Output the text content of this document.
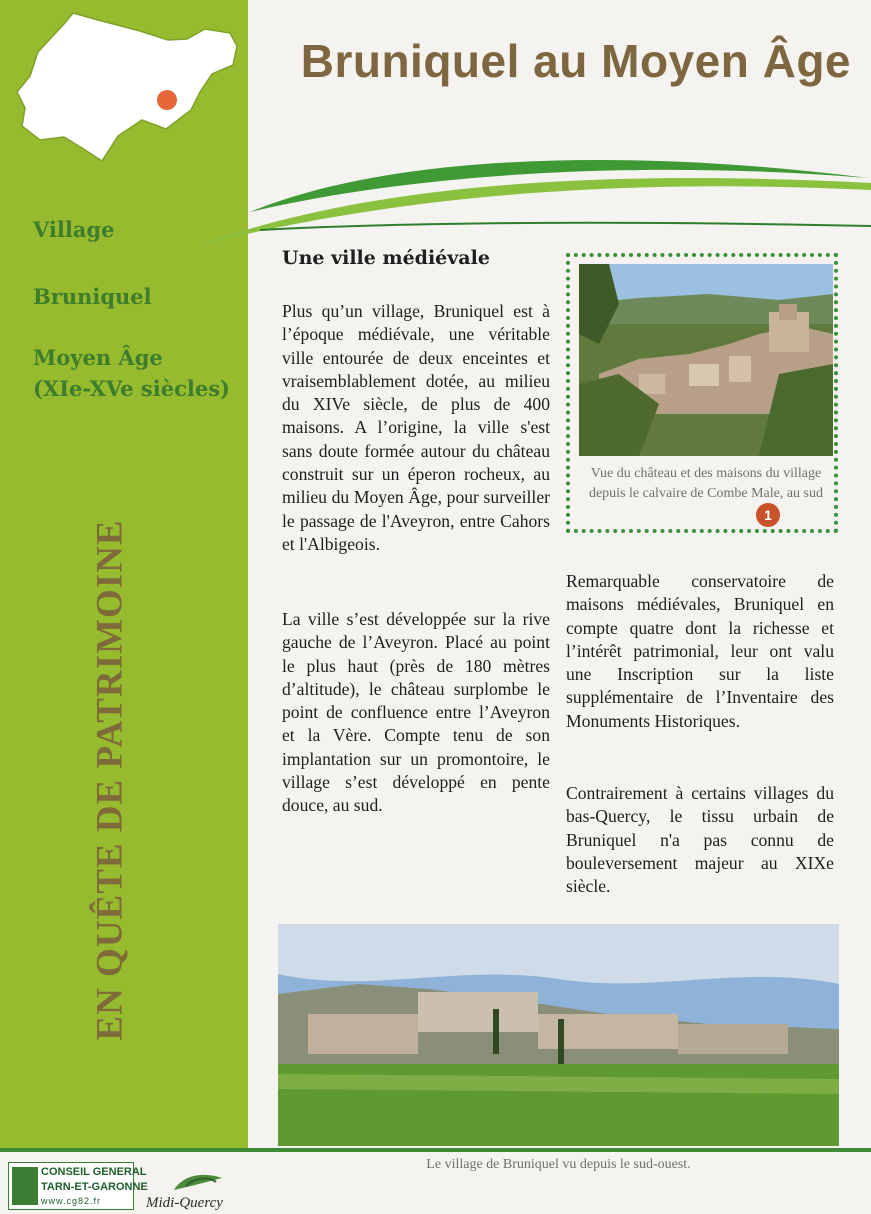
Village

Bruniquel

Moyen Âge

(XIe-XVe siècles)

EN QUÊTE DE PATRIMOINE
Bruniquel au Moyen Âge
Une ville médiévale

Plus qu’un village, Bruniquel est à l’époque médiévale, une véritable ville entourée de deux enceintes et vraisemblablement dotée, au milieu du XIVe siècle, de plus de 400 maisons. A l’origine, la ville s'est sans doute formée autour du château construit sur un éperon rocheux, au milieu du Moyen Âge, pour surveiller le passage de l'Aveyron, entre Cahors et l'Albigeois.

La ville s’est développée sur la rive gauche de l’Aveyron. Placé au point le plus haut (près de 180 mètres d’altitude), le château surplombe le point de confluence entre l’Aveyron et la Vère. Compte tenu de son implantation sur un promontoire, le village s’est développé en pente douce, au sud.

Remarquable conservatoire de maisons médiévales, Bruniquel en compte quatre dont la richesse et l’intérêt patrimonial, leur ont valu une Inscription sur la liste supplémentaire de l’Inventaire des Monuments Historiques.

Contrairement à certains villages du bas-Quercy, le tissu urbain de Bruniquel n'a pas connu de bouleversement majeur au XIXe siècle.

Vue du château et des maisons du village depuis le calvaire de Combe Male, au sud

1

Le village de Bruniquel vu depuis le sud-ouest.

CONSEIL GENERAL

TARN-ET-GARONNE

www.cg82.fr	Midi-Quercy
